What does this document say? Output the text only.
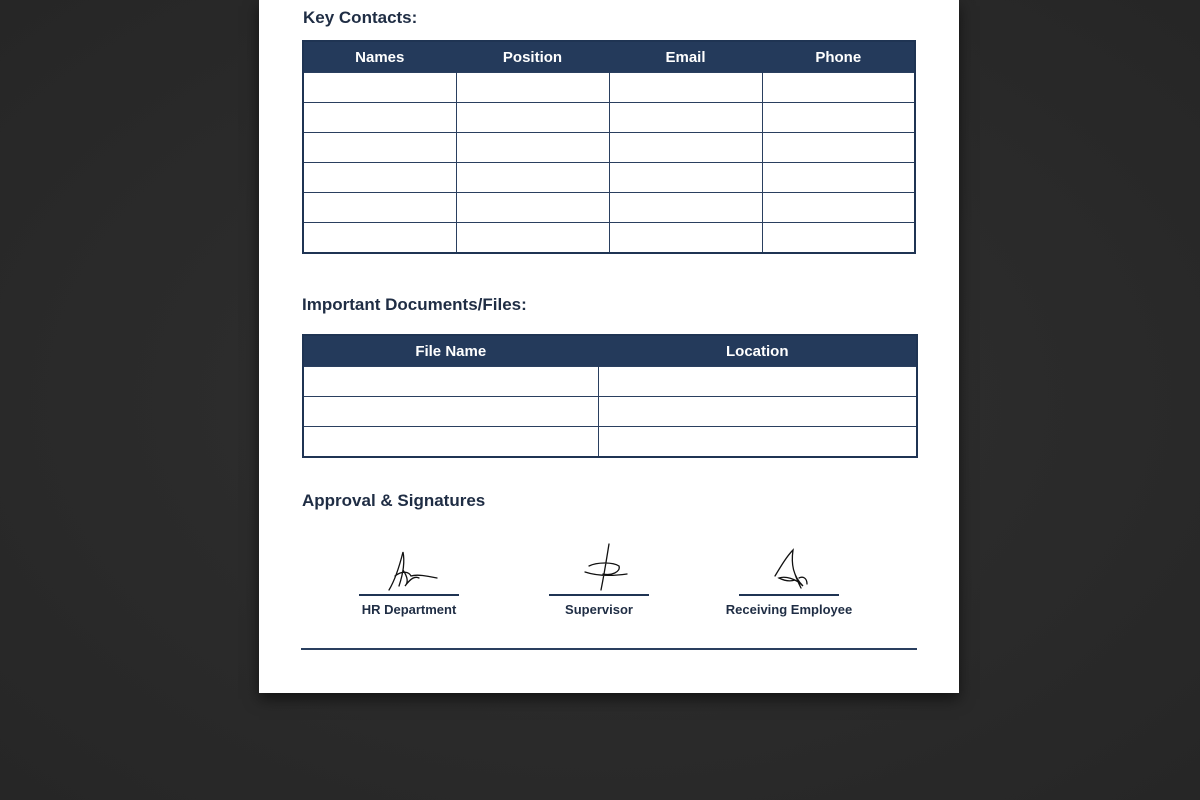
Key Contacts:
Names	Position	Email	Phone

Important Documents/Files:
File Name	Location

Approval & Signatures
HR Department	Supervisor	Receiving Employee
